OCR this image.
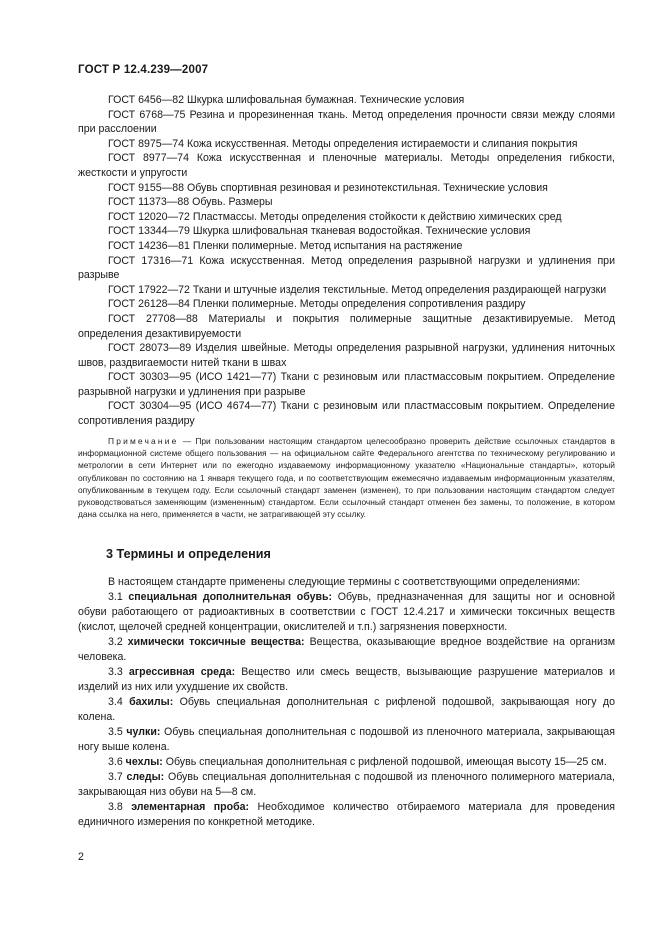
ГОСТ Р 12.4.239—2007

ГОСТ 6456—82 Шкурка шлифовальная бумажная. Технические условия

ГОСТ 6768—75 Резина и прорезиненная ткань. Метод определения прочности связи между слоями при расслоении

ГОСТ 8975—74 Кожа искусственная. Методы определения истираемости и слипания покрытия

ГОСТ 8977—74 Кожа искусственная и пленочные материалы. Методы определения гибкости, жесткости и упругости

ГОСТ 9155—88 Обувь спортивная резиновая и резинотекстильная. Технические условия

ГОСТ 11373—88 Обувь. Размеры

ГОСТ 12020—72 Пластмассы. Методы определения стойкости к действию химических сред

ГОСТ 13344—79 Шкурка шлифовальная тканевая водостойкая. Технические условия

ГОСТ 14236—81 Пленки полимерные. Метод испытания на растяжение

ГОСТ 17316—71 Кожа искусственная. Метод определения разрывной нагрузки и удлинения при разрыве

ГОСТ 17922—72 Ткани и штучные изделия текстильные. Метод определения раздирающей нагрузки

ГОСТ 26128—84 Пленки полимерные. Методы определения сопротивления раздиру

ГОСТ 27708—88 Материалы и покрытия полимерные защитные дезактивируемые. Метод определения дезактивируемости

ГОСТ 28073—89 Изделия швейные. Методы определения разрывной нагрузки, удлинения ниточных швов, раздвигаемости нитей ткани в швах

ГОСТ 30303—95 (ИСО 1421—77) Ткани с резиновым или пластмассовым покрытием. Определение разрывной нагрузки и удлинения при разрыве

ГОСТ 30304—95 (ИСО 4674—77) Ткани с резиновым или пластмассовым покрытием. Определение сопротивления раздиру

Примечание — При пользовании настоящим стандартом целесообразно проверить действие ссылочных стандартов в информационной системе общего пользования — на официальном сайте Федерального агентства по техническому регулированию и метрологии в сети Интернет или по ежегодно издаваемому информационному указателю «Национальные стандарты», который опубликован по состоянию на 1 января текущего года, и по соответствующим ежемесячно издаваемым информационным указателям, опубликованным в текущем году. Если ссылочный стандарт заменен (изменен), то при пользовании настоящим стандартом следует руководствоваться заменяющим (измененным) стандартом. Если ссылочный стандарт отменен без замены, то положение, в котором дана ссылка на него, применяется в части, не затрагивающей эту ссылку.
3 Термины и определения

В настоящем стандарте применены следующие термины с соответствующими определениями:

3.1 специальная дополнительная обувь: Обувь, предназначенная для защиты ног и основной обуви работающего от радиоактивных в соответствии с ГОСТ 12.4.217 и химически токсичных веществ (кислот, щелочей средней концентрации, окислителей и т.п.) загрязнения поверхности.

3.2 химически токсичные вещества: Вещества, оказывающие вредное воздействие на организм человека.

3.3 агрессивная среда: Вещество или смесь веществ, вызывающие разрушение материалов и изделий из них или ухудшение их свойств.

3.4 бахилы: Обувь специальная дополнительная с рифленой подошвой, закрывающая ногу до колена.

3.5 чулки: Обувь специальная дополнительная с подошвой из пленочного материала, закрывающая ногу выше колена.

3.6 чехлы: Обувь специальная дополнительная с рифленой подошвой, имеющая высоту 15—25 см.

3.7 следы: Обувь специальная дополнительная с подошвой из пленочного полимерного материала, закрывающая низ обуви на 5—8 см.

3.8 элементарная проба: Необходимое количество отбираемого материала для проведения единичного измерения по конкретной методике.

2
